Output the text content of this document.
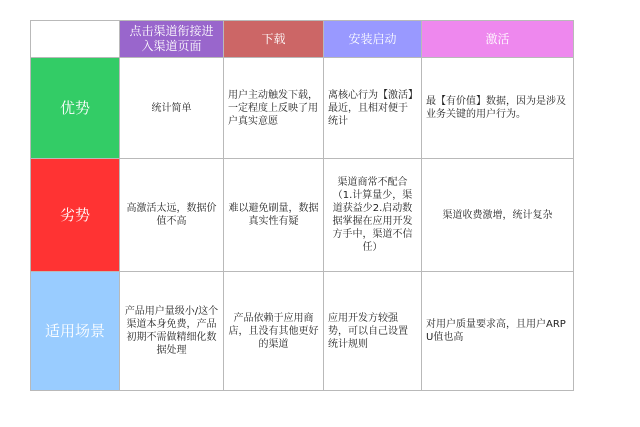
	点击渠道衔接进入渠道页面	下载	安装启动	激活
优势	统计简单	用户主动触发下载，一定程度上反映了用户真实意愿	离核心行为【激活】最近，且相对便于统计	最【有价值】数据，因为是涉及业务关键的用户行为。
劣势	高激活太远，数据价值不高	难以避免刷量，数据真实性有疑	渠道商常不配合（1.计算量少，渠道获益少2.启动数据掌握在应用开发方手中，渠道不信任）	渠道收费激增，统计复杂
适用场景	产品用户量级小/这个渠道本身免费，产品初期不需做精细化数据处理	产品依赖于应用商店，且没有其他更好的渠道	应用开发方较强势，可以自己设置统计规则	对用户质量要求高，且用户ARPU值也高
